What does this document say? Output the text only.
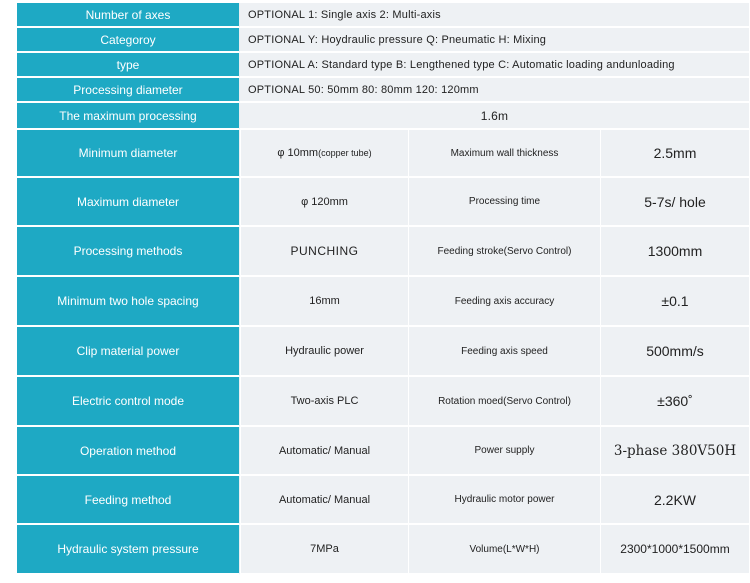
Number of axes	OPTIONAL 1: Single axis 2: Multi-axis
Categoroy	OPTIONAL Y: Hoydraulic pressure Q: Pneumatic H: Mixing
type	OPTIONAL A: Standard type B: Lengthened type C: Automatic loading andunloading
Processing diameter	OPTIONAL 50: 50mm 80: 80mm 120: 120mm
The maximum processing	1.6m
Minimum diameter	φ 10mm (copper tube)	Maximum wall thickness	2.5mm
Maximum diameter	φ 120mm	Processing time	5-7s/ hole
Processing methods	PUNCHING	Feeding stroke(Servo Control)	1300mm
Minimum two hole spacing	16mm	Feeding axis accuracy	±0.1
Clip material power	Hydraulic power	Feeding axis speed	500mm/s
Electric control mode	Two-axis PLC	Rotation moed(Servo Control)	±360˚
Operation method	Automatic/ Manual	Power supply	3-phase 380V50H
Feeding method	Automatic/ Manual	Hydraulic motor power	2.2KW
Hydraulic system pressure	7MPa	Volume(L*W*H)	2300*1000*1500mm
